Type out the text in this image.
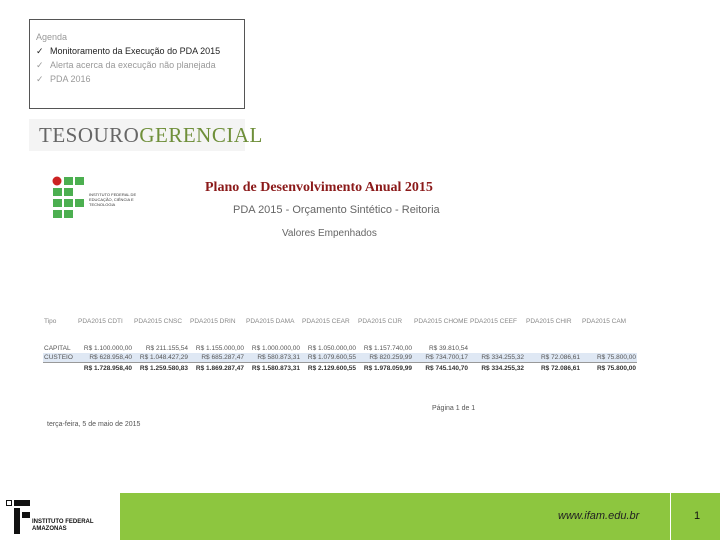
Agenda
✓ Monitoramento da Execução do PDA 2015
✓ Alerta acerca da execução não planejada
✓ PDA 2016
TESOUROGERENCIAL
INSTITUTO FEDERAL DE EDUCAÇÃO, CIÊNCIA E TECNOLOGIA
Plano de Desenvolvimento Anual 2015
PDA 2015 - Orçamento Sintético - Reitoria
Valores Empenhados
Tipo	PDA2015 CDTI	PDA2015 CNSC	PDA2015 DRIN	PDA2015 DAMA	PDA2015 CEAR	PDA2015 CIJR	PDA2015 CHOME	PDA2015 CEEF	PDA2015 CHIR	PDA2015 CAM

CAPITAL	R$ 1.100.000,00	R$ 211.155,54	R$ 1.155.000,00	R$ 1.000.000,00	R$ 1.050.000,00	R$ 1.157.740,00	R$ 39.810,54			
CUSTEIO	R$ 628.958,40	R$ 1.048.427,29	R$ 685.287,47	R$ 580.873,31	R$ 1.079.600,55	R$ 820.259,99	R$ 734.700,17	R$ 334.255,32	R$ 72.086,61	R$ 75.800,00
	R$ 1.728.958,40	R$ 1.259.580,83	R$ 1.869.287,47	R$ 1.580.873,31	R$ 2.129.600,55	R$ 1.978.059,99	R$ 745.140,70	R$ 334.255,32	R$ 72.086,61	R$ 75.800,00
Página 1 de 1
terça-feira, 5 de maio de 2015
INSTITUTO FEDERAL
AMAZONAS
www.ifam.edu.br	1
